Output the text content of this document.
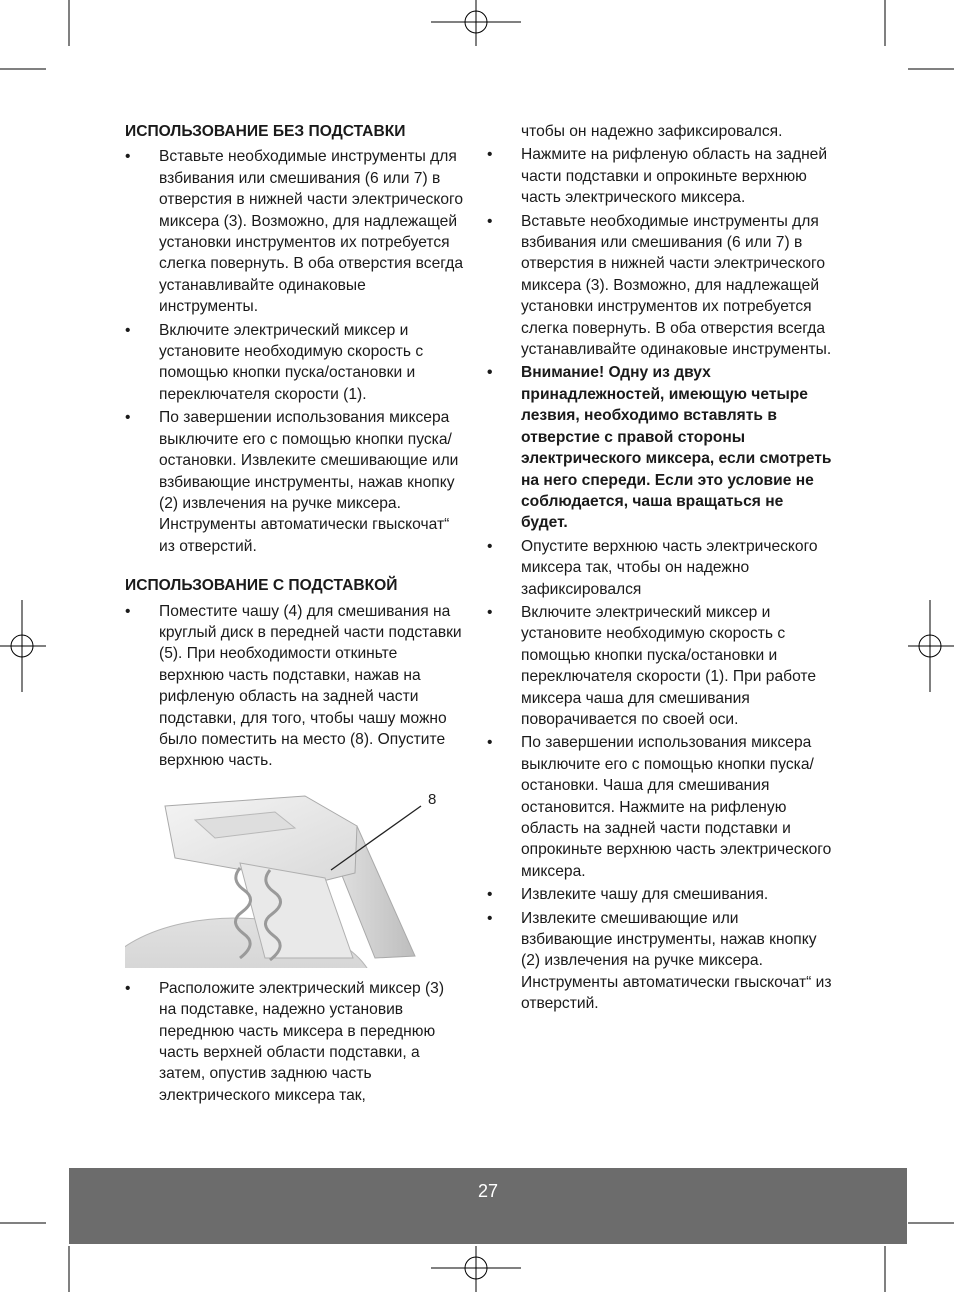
ИСПОЛЬЗОВАНИЕ БЕЗ ПОДСТАВКИ
• Вставьте необходимые инструменты для взбивания или смешивания (6 или 7) в отверстия в нижней части электрического миксера (3). Возможно, для надлежащей установки инструментов их потребуется слегка повернуть. В оба отверстия всегда устанавливайте одинаковые инструменты.
• Включите электрический миксер и установите необходимую скорость с помощью кнопки пуска/остановки и переключателя скорости (1).
• По завершении использования миксера выключите его с помощью кнопки пуска/остановки. Извлеките смешивающие или взбивающие инструменты, нажав кнопку (2) извлечения на ручке миксера. Инструменты автоматически гвыскочат“ из отверстий.
ИСПОЛЬЗОВАНИЕ С ПОДСТАВКОЙ
• Поместите чашу (4) для смешивания на круглый диск в передней части подставки (5). При необходимости откиньте верхнюю часть подставки, нажав на рифленую область на задней части подставки, для того, чтобы чашу можно было поместить на место (8). Опустите верхнюю часть.
8
• Расположите электрический миксер (3) на подставке, надежно установив переднюю часть миксера в переднюю часть верхней области подставки, а затем, опустив заднюю часть электрического миксера так,
чтобы он надежно зафиксировался.
• Нажмите на рифленую область на задней части подставки и опрокиньте верхнюю часть электрического миксера.
• Вставьте необходимые инструменты для взбивания или смешивания (6 или 7) в отверстия в нижней части электрического миксера (3). Возможно, для надлежащей установки инструментов их потребуется слегка повернуть. В оба отверстия всегда устанавливайте одинаковые инструменты.
• Внимание! Одну из двух принадлежностей, имеющую четыре лезвия, необходимо вставлять в отверстие с правой стороны электрического миксера, если смотреть на него спереди. Если это условие не соблюдается, чаша вращаться не будет.
• Опустите верхнюю часть электрического миксера так, чтобы он надежно зафиксировался
• Включите электрический миксер и установите необходимую скорость с помощью кнопки пуска/остановки и переключателя скорости (1). При работе миксера чаша для смешивания поворачивается по своей оси.
• По завершении использования миксера выключите его с помощью кнопки пуска/остановки. Чаша для смешивания остановится. Нажмите на рифленую область на задней части подставки и опрокиньте верхнюю часть электрического миксера.
• Извлеките чашу для смешивания.
• Извлеките смешивающие или взбивающие инструменты, нажав кнопку (2) извлечения на ручке миксера. Инструменты автоматически гвыскочат“ из отверстий.
27
